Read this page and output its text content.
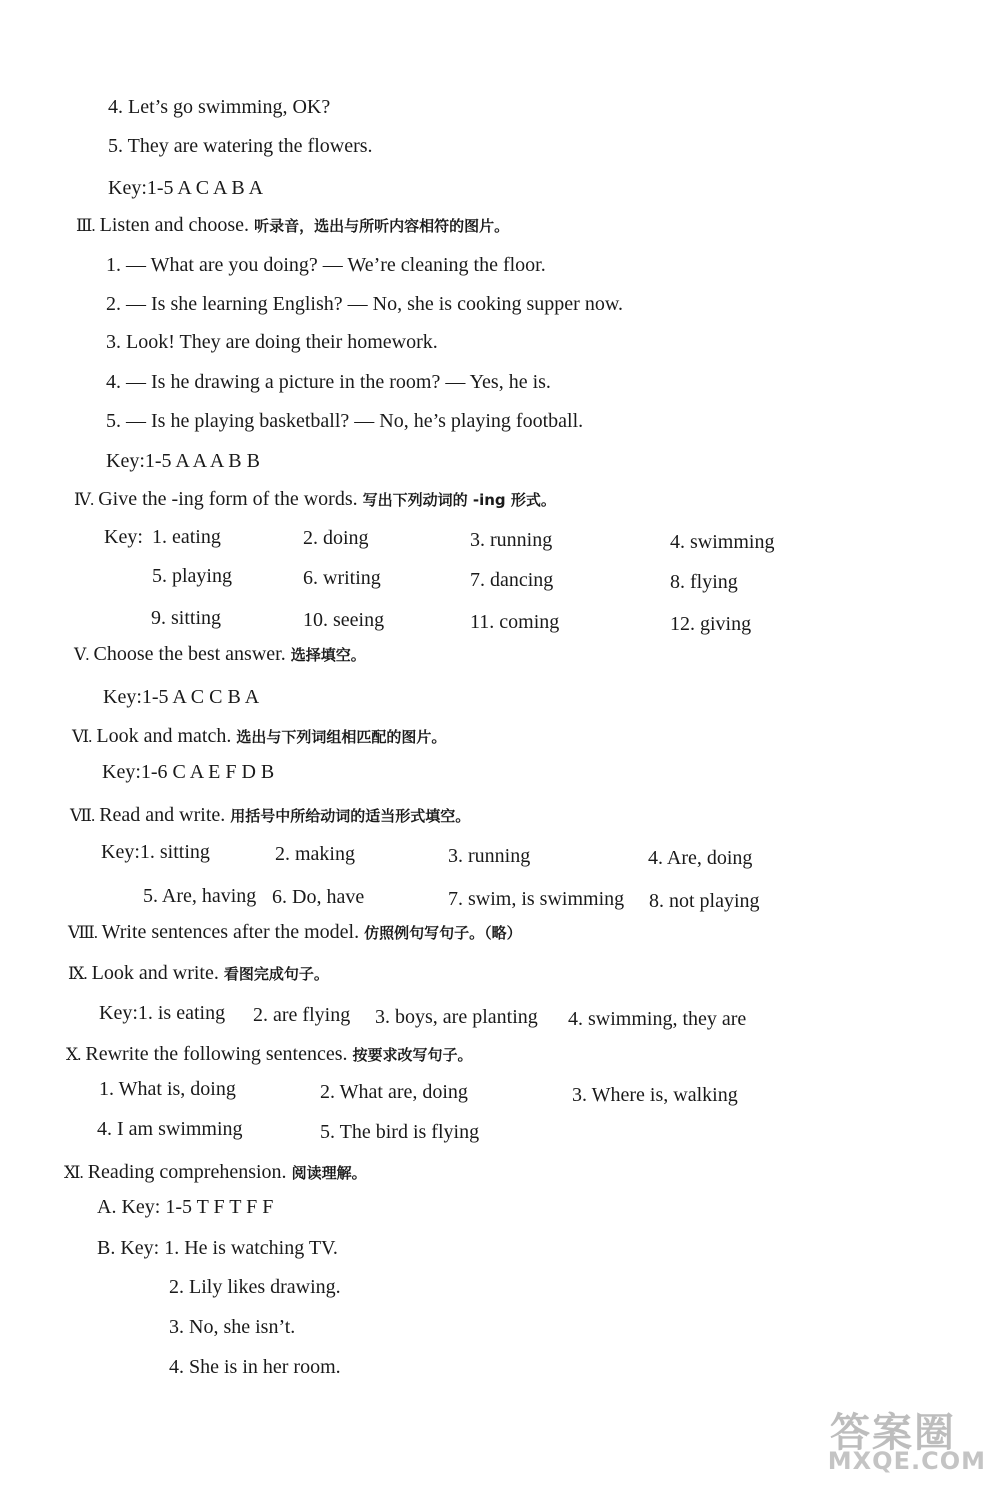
4. Let’s go swimming, OK?
5. They are watering the flowers.
Key:1-5 A C A B A
Ⅲ. Listen and choose. 听录音，选出与所听内容相符的图片。
1. — What are you doing? — We’re cleaning the floor.
2. — Is she learning English? — No, she is cooking supper now.
3. Look! They are doing their homework.
4. — Is he drawing a picture in the room? — Yes, he is.
5. — Is he playing basketball? — No, he’s playing football.
Key:1-5 A A A B B
Ⅳ. Give the -ing form of the words. 写出下列动词的 -ing 形式。
Key: 1. eating	2. doing	3. running	4. swimming
5. playing	6. writing	7. dancing	8. flying
9. sitting	10. seeing	11. coming	12. giving
Ⅴ. Choose the best answer. 选择填空。
Key:1-5 A C C B A
Ⅵ. Look and match. 选出与下列词组相匹配的图片。
Key:1-6 C A E F D B
Ⅶ. Read and write. 用括号中所给动词的适当形式填空。
Key:1. sitting	2. making	3. running	4. Are, doing
5. Are, having 6. Do, have	7. swim, is swimming 8. not playing
Ⅷ. Write sentences after the model. 仿照例句写句子。（略）
Ⅸ. Look and write. 看图完成句子。
Key:1. is eating 2. are flying 3. boys, are planting 4. swimming, they are
Ⅹ. Rewrite the following sentences. 按要求改写句子。
1. What is, doing	2. What are, doing	3. Where is, walking
4. I am swimming	5. The bird is flying
Ⅺ. Reading comprehension. 阅读理解。
A. Key: 1-5 T F T F F
B. Key: 1. He is watching TV.
2. Lily likes drawing.
3. No, she isn’t.
4. She is in her room.
答案圈
MXQE.COM
